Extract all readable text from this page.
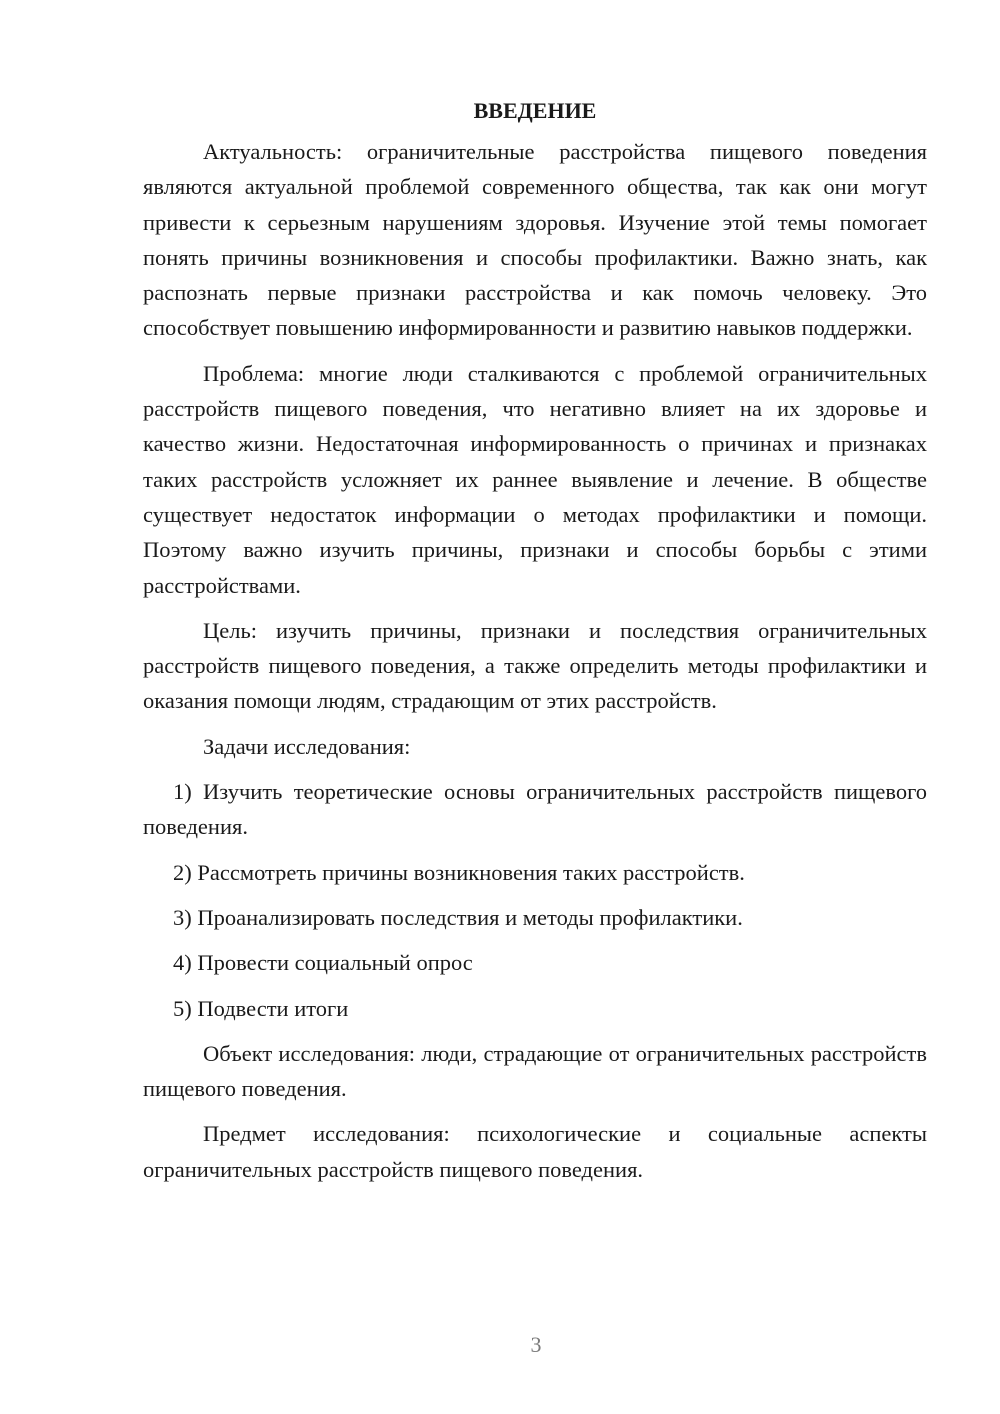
ВВЕДЕНИЕ

Актуальность: ограничительные расстройства пищевого поведения являются актуальной проблемой современного общества, так как они могут привести к серьезным нарушениям здоровья. Изучение этой темы помогает понять причины возникновения и способы профилактики. Важно знать, как распознать первые признаки расстройства и как помочь человеку. Это способствует повышению информированности и развитию навыков поддержки.

Проблема: многие люди сталкиваются с проблемой ограничительных расстройств пищевого поведения, что негативно влияет на их здоровье и качество жизни. Недостаточная информированность о причинах и признаках таких расстройств усложняет их раннее выявление и лечение. В обществе существует недостаток информации о методах профилактики и помощи. Поэтому важно изучить причины, признаки и способы борьбы с этими расстройствами.

Цель: изучить причины, признаки и последствия ограничительных расстройств пищевого поведения, а также определить методы профилактики и оказания помощи людям, страдающим от этих расстройств.

Задачи исследования:

1) Изучить теоретические основы ограничительных расстройств пищевого поведения.

2) Рассмотреть причины возникновения таких расстройств.

3) Проанализировать последствия и методы профилактики.

4) Провести социальный опрос

5) Подвести итоги

Объект исследования: люди, страдающие от ограничительных расстройств пищевого поведения.

Предмет исследования: психологические и социальные аспекты ограничительных расстройств пищевого поведения.

3
